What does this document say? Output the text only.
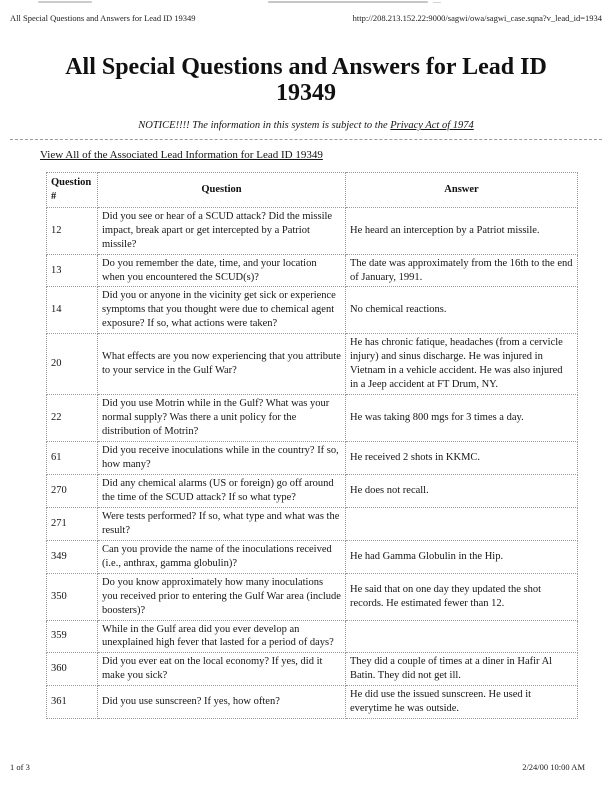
All Special Questions and Answers for Lead ID 19349	http://208.213.152.22:9000/sagwi/owa/sagwi_case.sqna?v_lead_id=1934
All Special Questions and Answers for Lead ID
19349

NOTICE!!!! The information in this system is subject to the Privacy Act of 1974

View All of the Associated Lead Information for Lead ID 19349
Question #	Question	Answer
12	Did you see or hear of a SCUD attack? Did the missile impact, break apart or get intercepted by a Patriot missile?	He heard an interception by a Patriot missile.
13	Do you remember the date, time, and your location when you encountered the SCUD(s)?	The date was approximately from the 16th to the end of January, 1991.
14	Did you or anyone in the vicinity get sick or experience symptoms that you thought were due to chemical agent exposure? If so, what actions were taken?	No chemical reactions.
20	What effects are you now experiencing that you attribute to your service in the Gulf War?	He has chronic fatique, headaches (from a cervicle injury) and sinus discharge. He was injured in Vietnam in a vehicle accident. He was also injured in a Jeep accident at FT Drum, NY.
22	Did you use Motrin while in the Gulf? What was your normal supply? Was there a unit policy for the distribution of Motrin?	He was taking 800 mgs for 3 times a day.
61	Did you receive inoculations while in the country? If so, how many?	He received 2 shots in KKMC.
270	Did any chemical alarms (US or foreign) go off around the time of the SCUD attack? If so what type?	He does not recall.
271	Were tests performed? If so, what type and what was the result?	
349	Can you provide the name of the inoculations received (i.e., anthrax, gamma globulin)?	He had Gamma Globulin in the Hip.
350	Do you know approximately how many inoculations you received prior to entering the Gulf War area (include boosters)?	He said that on one day they updated the shot records. He estimated fewer than 12.
359	While in the Gulf area did you ever develop an unexplained high fever that lasted for a period of days?	
360	Did you ever eat on the local economy? If yes, did it make you sick?	They did a couple of times at a diner in Hafir Al Batin. They did not get ill.
361	Did you use sunscreen? If yes, how often?	He did use the issued sunscreen. He used it everytime he was outside.
1 of 3	2/24/00 10:00 AM
